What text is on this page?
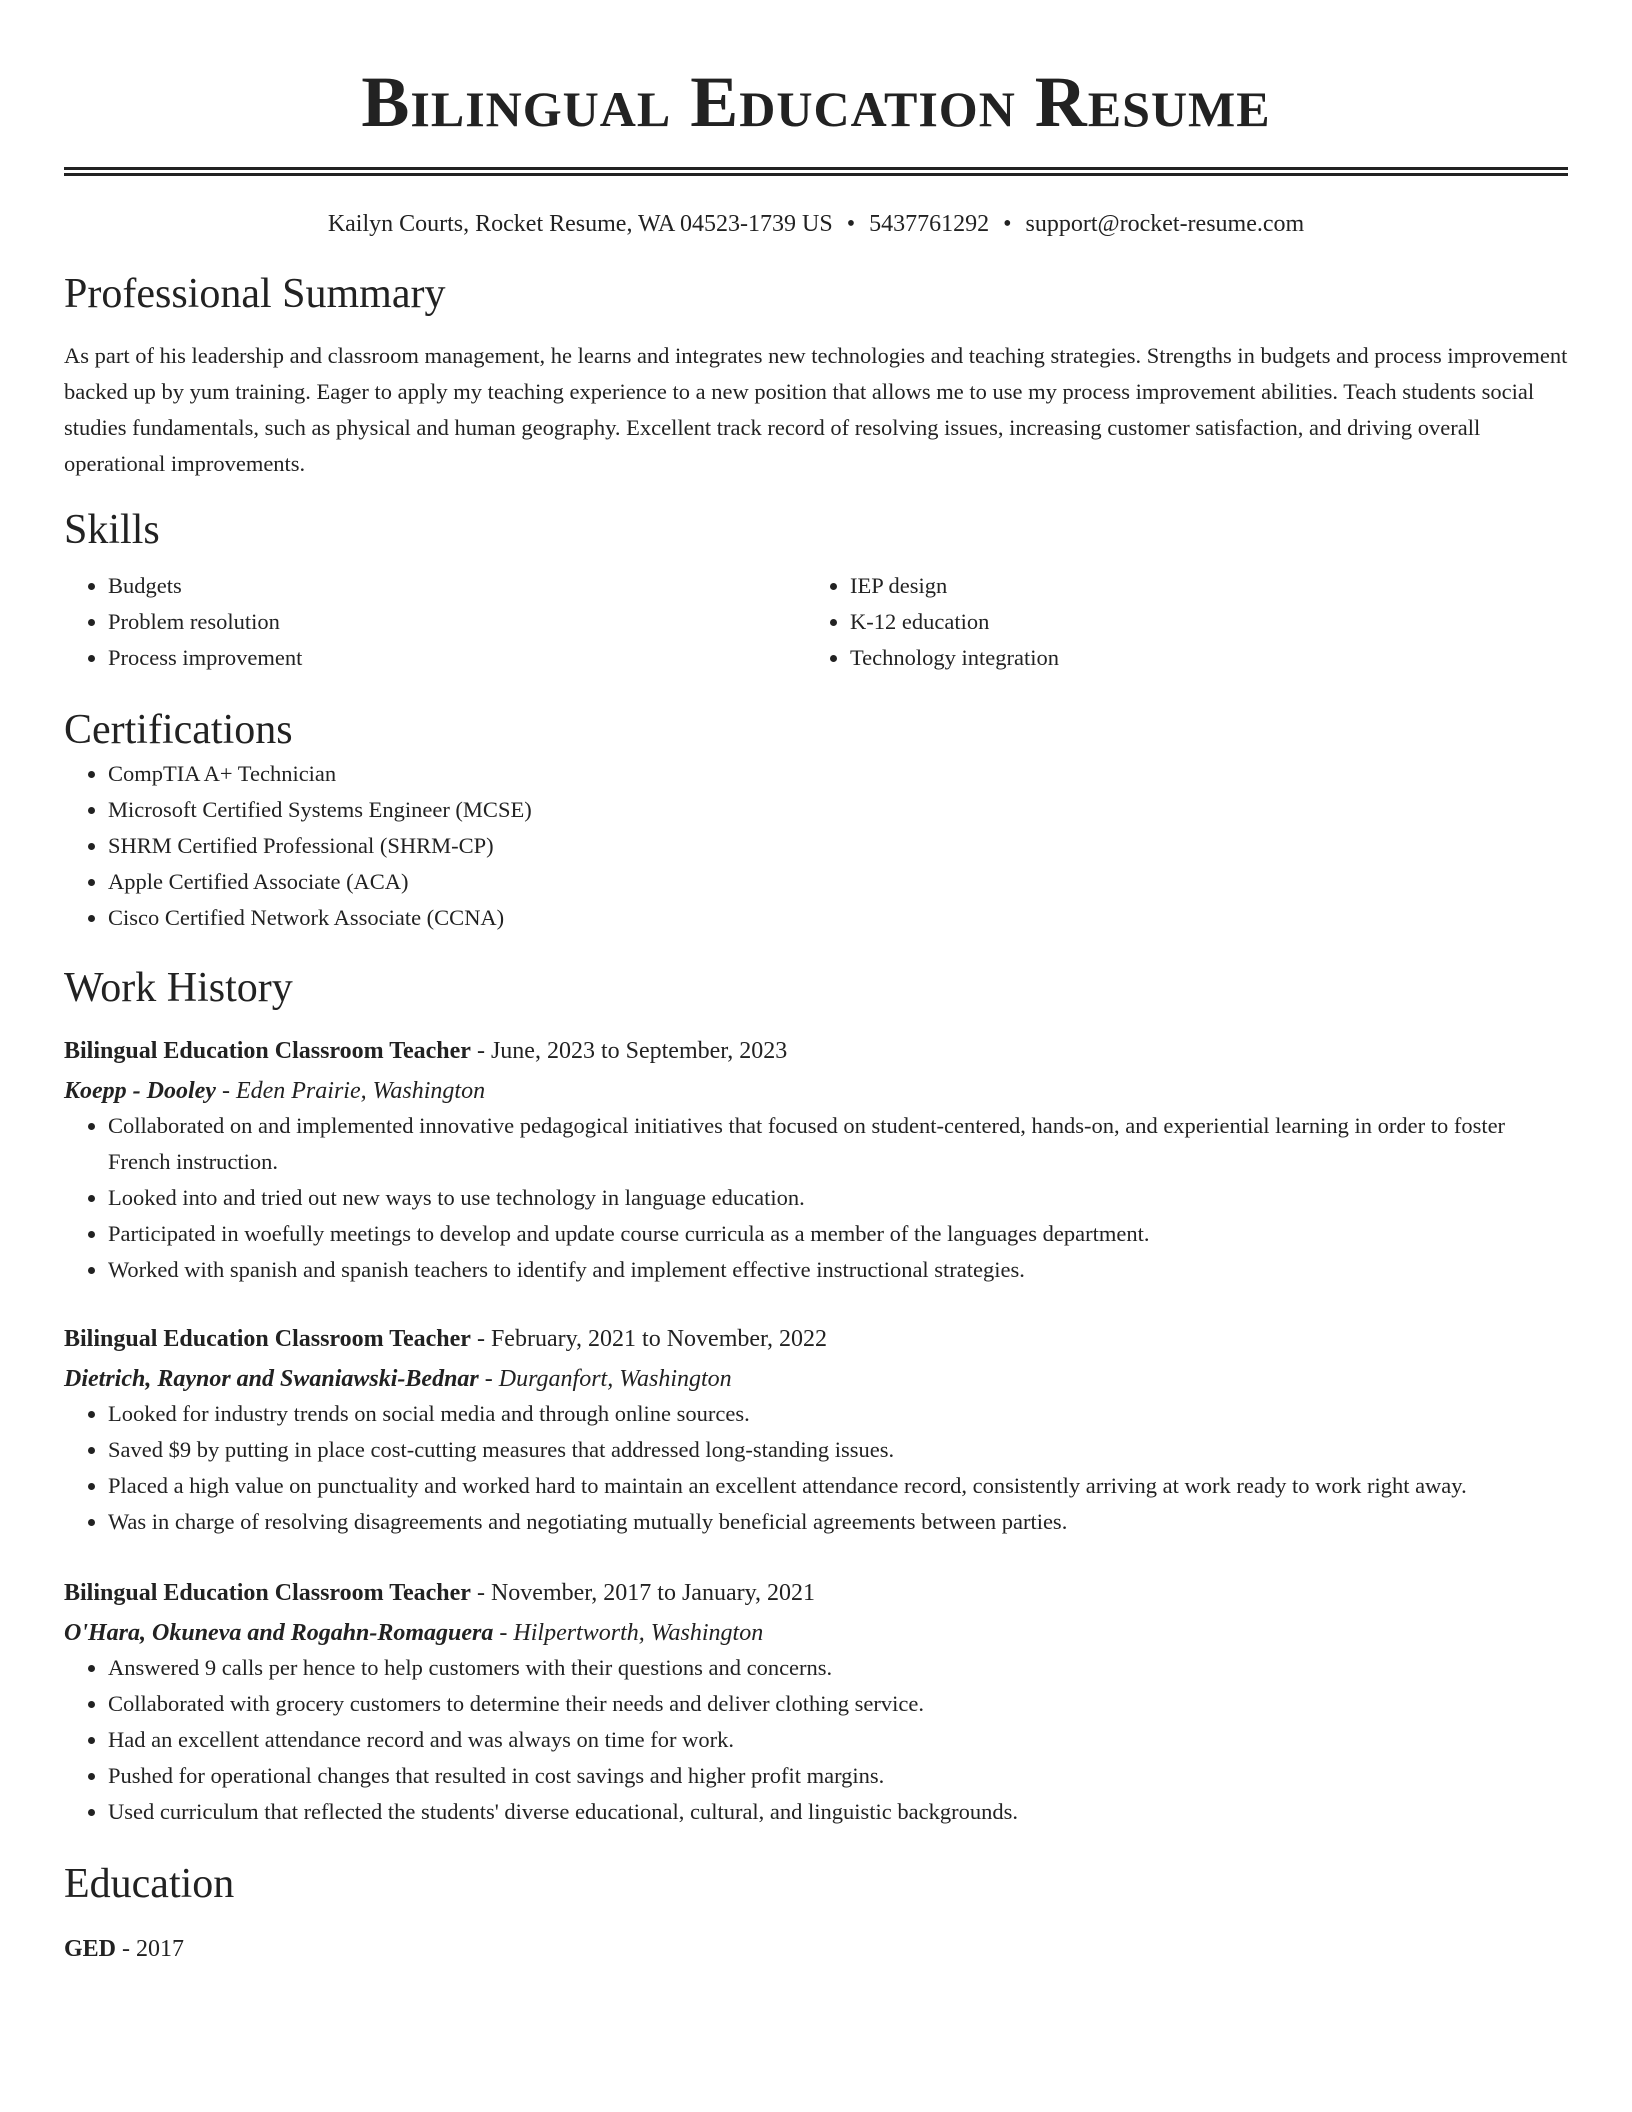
Bilingual Education Resume
Kailyn Courts, Rocket Resume, WA 04523-1739 US • 5437761292 • support@rocket-resume.com
Professional Summary

As part of his leadership and classroom management, he learns and integrates new technologies and teaching strategies. Strengths in budgets and process improvement backed up by yum training. Eager to apply my teaching experience to a new position that allows me to use my process improvement abilities. Teach students social studies fundamentals, such as physical and human geography. Excellent track record of resolving issues, increasing customer satisfaction, and driving overall operational improvements.

Skills
• Budgets
• Problem resolution
• Process improvement
• IEP design
• K-12 education
• Technology integration
Certifications
• CompTIA A+ Technician
• Microsoft Certified Systems Engineer (MCSE)
• SHRM Certified Professional (SHRM-CP)
• Apple Certified Associate (ACA)
• Cisco Certified Network Associate (CCNA)
Work History
Bilingual Education Classroom Teacher - June, 2023 to September, 2023
Koepp - Dooley - Eden Prairie, Washington
• Collaborated on and implemented innovative pedagogical initiatives that focused on student-centered, hands-on, and experiential learning in order to foster French instruction.
• Looked into and tried out new ways to use technology in language education.
• Participated in woefully meetings to develop and update course curricula as a member of the languages department.
• Worked with spanish and spanish teachers to identify and implement effective instructional strategies.
Bilingual Education Classroom Teacher - February, 2021 to November, 2022
Dietrich, Raynor and Swaniawski-Bednar - Durganfort, Washington
• Looked for industry trends on social media and through online sources.
• Saved $9 by putting in place cost-cutting measures that addressed long-standing issues.
• Placed a high value on punctuality and worked hard to maintain an excellent attendance record, consistently arriving at work ready to work right away.
• Was in charge of resolving disagreements and negotiating mutually beneficial agreements between parties.
Bilingual Education Classroom Teacher - November, 2017 to January, 2021
O'Hara, Okuneva and Rogahn-Romaguera - Hilpertworth, Washington
• Answered 9 calls per hence to help customers with their questions and concerns.
• Collaborated with grocery customers to determine their needs and deliver clothing service.
• Had an excellent attendance record and was always on time for work.
• Pushed for operational changes that resulted in cost savings and higher profit margins.
• Used curriculum that reflected the students' diverse educational, cultural, and linguistic backgrounds.
Education
GED - 2017
